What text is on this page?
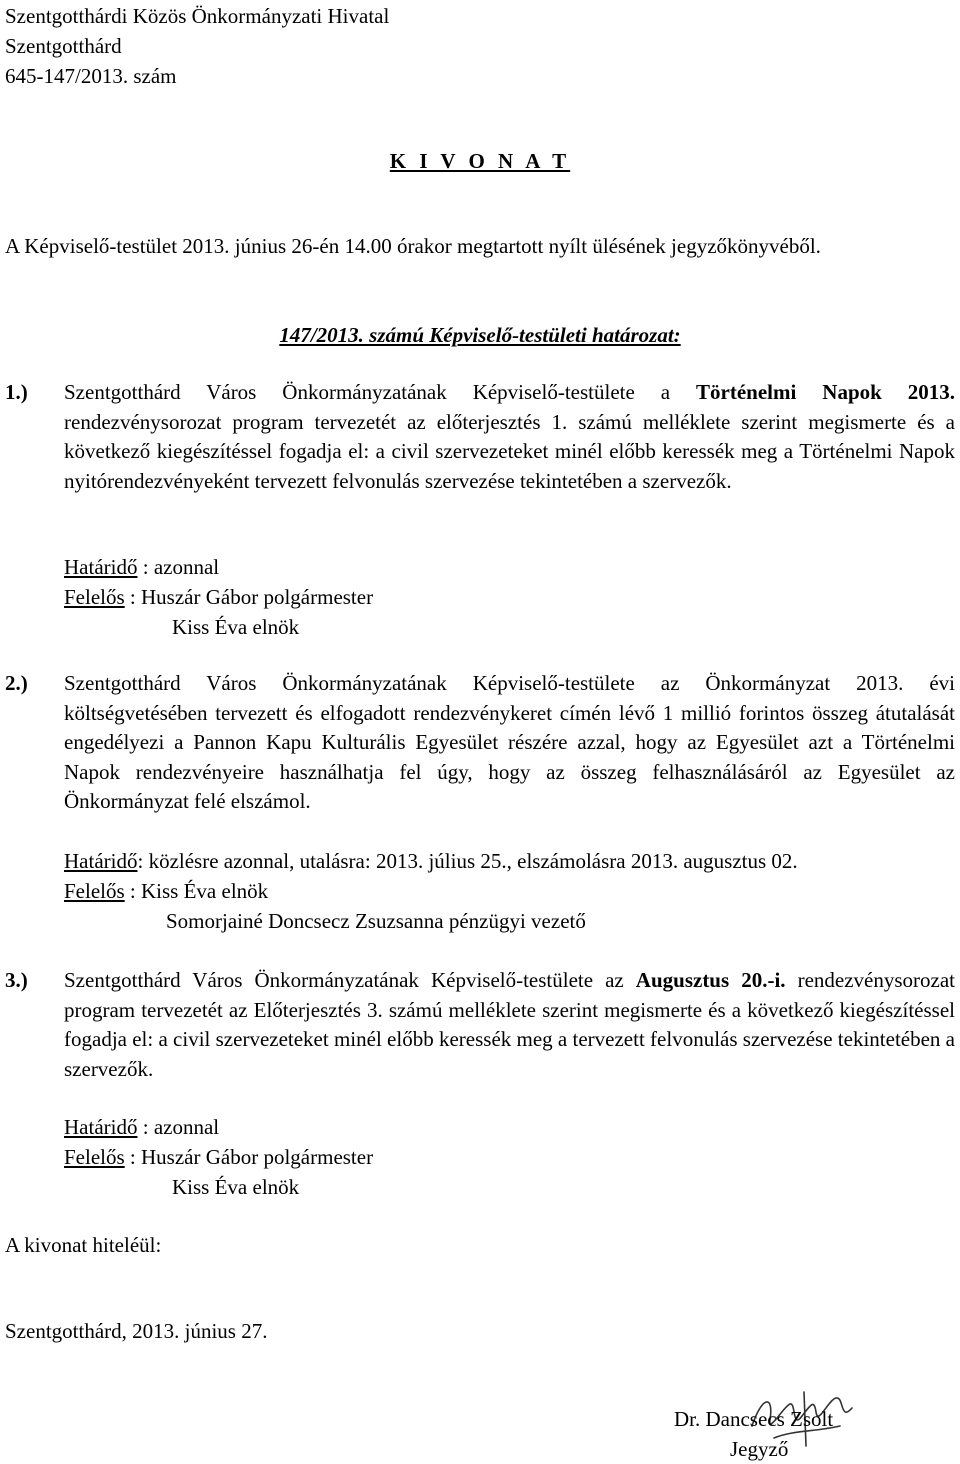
Szentgotthárdi Közös Önkormányzati Hivatal
Szentgotthárd
645-147/2013. szám
K I V O N A T
A Képviselő-testület 2013. június 26-én 14.00 órakor megtartott nyílt ülésének jegyzőkönyvéből.
147/2013. számú Képviselő-testületi határozat:
1.) Szentgotthárd Város Önkormányzatának Képviselő-testülete a Történelmi Napok 2013. rendezvénysorozat program tervezetét az előterjesztés 1. számú melléklete szerint megismerte és a következő kiegészítéssel fogadja el: a civil szervezeteket minél előbb keressék meg a Történelmi Napok nyitórendezvényeként tervezett felvonulás szervezése tekintetében a szervezők.
Határidő : azonnal
Felelős : Huszár Gábor polgármester
Kiss Éva elnök
2.) Szentgotthárd Város Önkormányzatának Képviselő-testülete az Önkormányzat 2013. évi költségvetésében tervezett és elfogadott rendezvénykeret címén lévő 1 millió forintos összeg átutalását engedélyezi a Pannon Kapu Kulturális Egyesület részére azzal, hogy az Egyesület azt a Történelmi Napok rendezvényeire használhatja fel úgy, hogy az összeg felhasználásáról az Egyesület az Önkormányzat felé elszámol.
Határidő: közlésre azonnal, utalásra: 2013. július 25., elszámolásra 2013. augusztus 02.
Felelős : Kiss Éva elnök
Somorjainé Doncsecz Zsuzsanna pénzügyi vezető
3.) Szentgotthárd Város Önkormányzatának Képviselő-testülete az Augusztus 20.-i. rendezvénysorozat program tervezetét az Előterjesztés 3. számú melléklete szerint megismerte és a következő kiegészítéssel fogadja el: a civil szervezeteket minél előbb keressék meg a tervezett felvonulás szervezése tekintetében a szervezők.
Határidő : azonnal
Felelős : Huszár Gábor polgármester
Kiss Éva elnök
A kivonat hiteléül:
Szentgotthárd, 2013. június 27.
Dr. Dancsecs Zsolt
Jegyző
